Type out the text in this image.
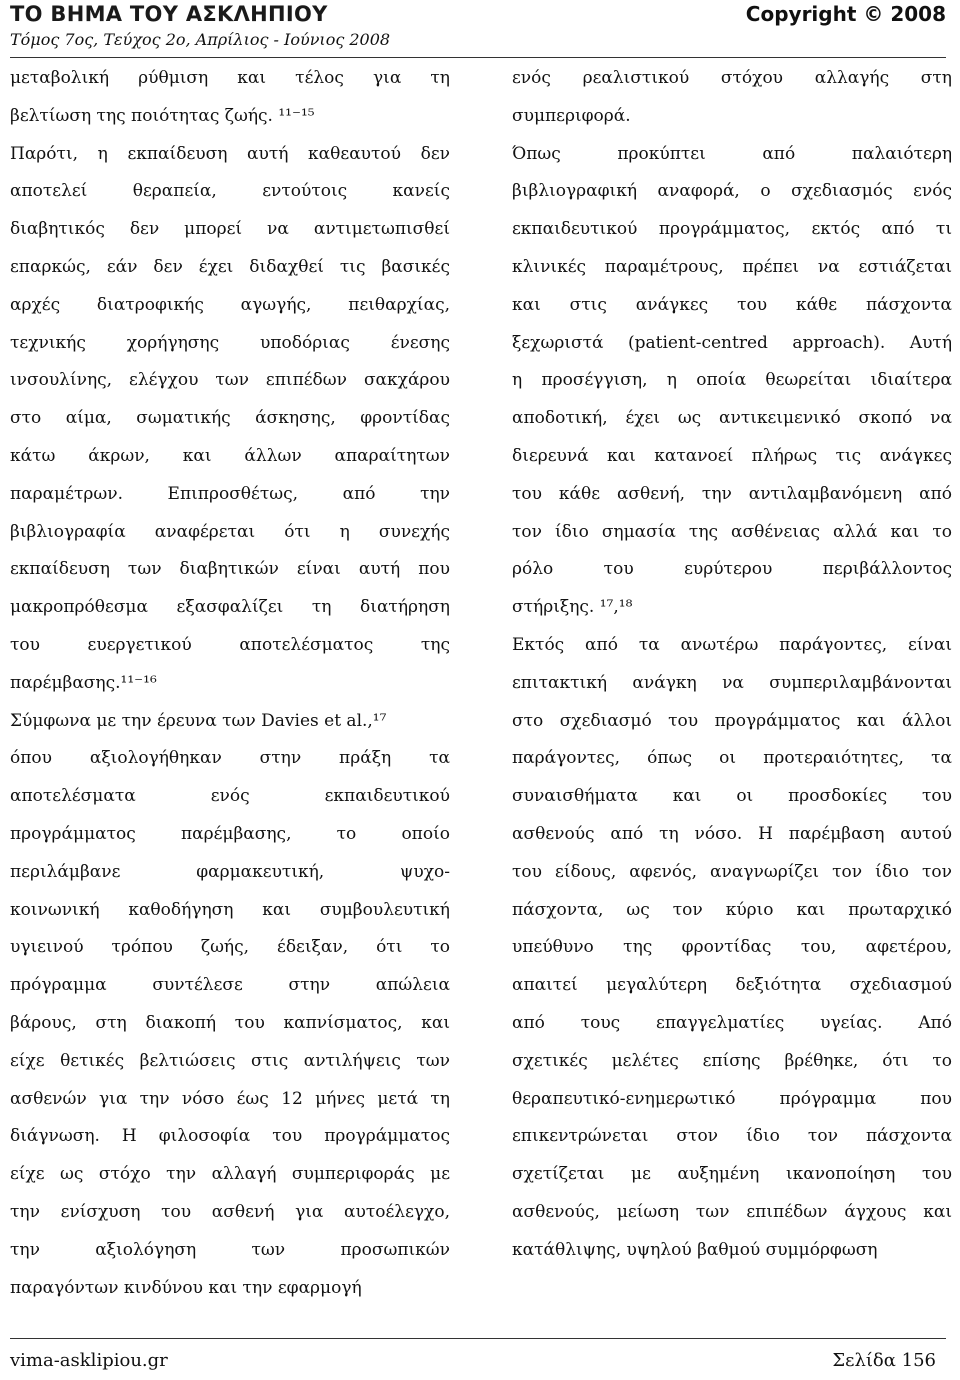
ΤΟ ΒΗΜΑ ΤΟΥ ΑΣΚΛΗΠΙΟΥ	Copyright © 2008
Τόμος 7ος, Τεύχος 2ο, Απρίλιος - Ιούνιος 2008
μεταβολική ρύθμιση και τέλος για τη
βελτίωση της ποιότητας ζωής. ¹¹⁻¹⁵
Παρότι, η εκπαίδευση αυτή καθεαυτού δεν
αποτελεί θεραπεία, εντούτοις κανείς
διαβητικός δεν μπορεί να αντιμετωπισθεί
επαρκώς, εάν δεν έχει διδαχθεί τις βασικές
αρχές διατροφικής αγωγής, πειθαρχίας,
τεχνικής χορήγησης υποδόριας ένεσης
ινσουλίνης, ελέγχου των επιπέδων σακχάρου
στο αίμα, σωματικής άσκησης, φροντίδας
κάτω άκρων, και άλλων απαραίτητων
παραμέτρων. Επιπροσθέτως, από την
βιβλιογραφία αναφέρεται ότι η συνεχής
εκπαίδευση των διαβητικών είναι αυτή που
μακροπρόθεσμα εξασφαλίζει τη διατήρηση
του ευεργετικού αποτελέσματος της
παρέμβασης.¹¹⁻¹⁶
Σύμφωνα με την έρευνα των Davies et al.,¹⁷
όπου αξιολογήθηκαν στην πράξη τα
αποτελέσματα ενός εκπαιδευτικού
προγράμματος παρέμβασης, το οποίο
περιλάμβανε φαρμακευτική, ψυχο-
κοινωνική καθοδήγηση και συμβουλευτική
υγιεινού τρόπου ζωής, έδειξαν, ότι το
πρόγραμμα συντέλεσε στην απώλεια
βάρους, στη διακοπή του καπνίσματος, και
είχε θετικές βελτιώσεις στις αντιλήψεις των
ασθενών για την νόσο έως 12 μήνες μετά τη
διάγνωση. Η φιλοσοφία του προγράμματος
είχε ως στόχο την αλλαγή συμπεριφοράς με
την ενίσχυση του ασθενή για αυτοέλεγχο,
την αξιολόγηση των προσωπικών
παραγόντων κινδύνου και την εφαρμογή
ενός ρεαλιστικού στόχου αλλαγής στη
συμπεριφορά.
Όπως προκύπτει από παλαιότερη
βιβλιογραφική αναφορά, ο σχεδιασμός ενός
εκπαιδευτικού προγράμματος, εκτός από τι
κλινικές παραμέτρους, πρέπει να εστιάζεται
και στις ανάγκες του κάθε πάσχοντα
ξεχωριστά (patient-centred approach). Αυτή
η προσέγγιση, η οποία θεωρείται ιδιαίτερα
αποδοτική, έχει ως αντικειμενικό σκοπό να
διερευνά και κατανοεί πλήρως τις ανάγκες
του κάθε ασθενή, την αντιλαμβανόμενη από
τον ίδιο σημασία της ασθένειας αλλά και το
ρόλο του ευρύτερου περιβάλλοντος
στήριξης. ¹⁷,¹⁸
Εκτός από τα ανωτέρω παράγοντες, είναι
επιτακτική ανάγκη να συμπεριλαμβάνονται
στο σχεδιασμό του προγράμματος και άλλοι
παράγοντες, όπως οι προτεραιότητες, τα
συναισθήματα και οι προσδοκίες του
ασθενούς από τη νόσο. Η παρέμβαση αυτού
του είδους, αφενός, αναγνωρίζει τον ίδιο τον
πάσχοντα, ως τον κύριο και πρωταρχικό
υπεύθυνο της φροντίδας του, αφετέρου,
απαιτεί μεγαλύτερη δεξιότητα σχεδιασμού
από τους επαγγελματίες υγείας. Από
σχετικές μελέτες επίσης βρέθηκε, ότι το
θεραπευτικό-ενημερωτικό πρόγραμμα που
επικεντρώνεται στον ίδιο τον πάσχοντα
σχετίζεται με αυξημένη ικανοποίηση του
ασθενούς, μείωση των επιπέδων άγχους και
κατάθλιψης, υψηλού βαθμού συμμόρφωση
vima-asklipiou.gr	Σελίδα 156
